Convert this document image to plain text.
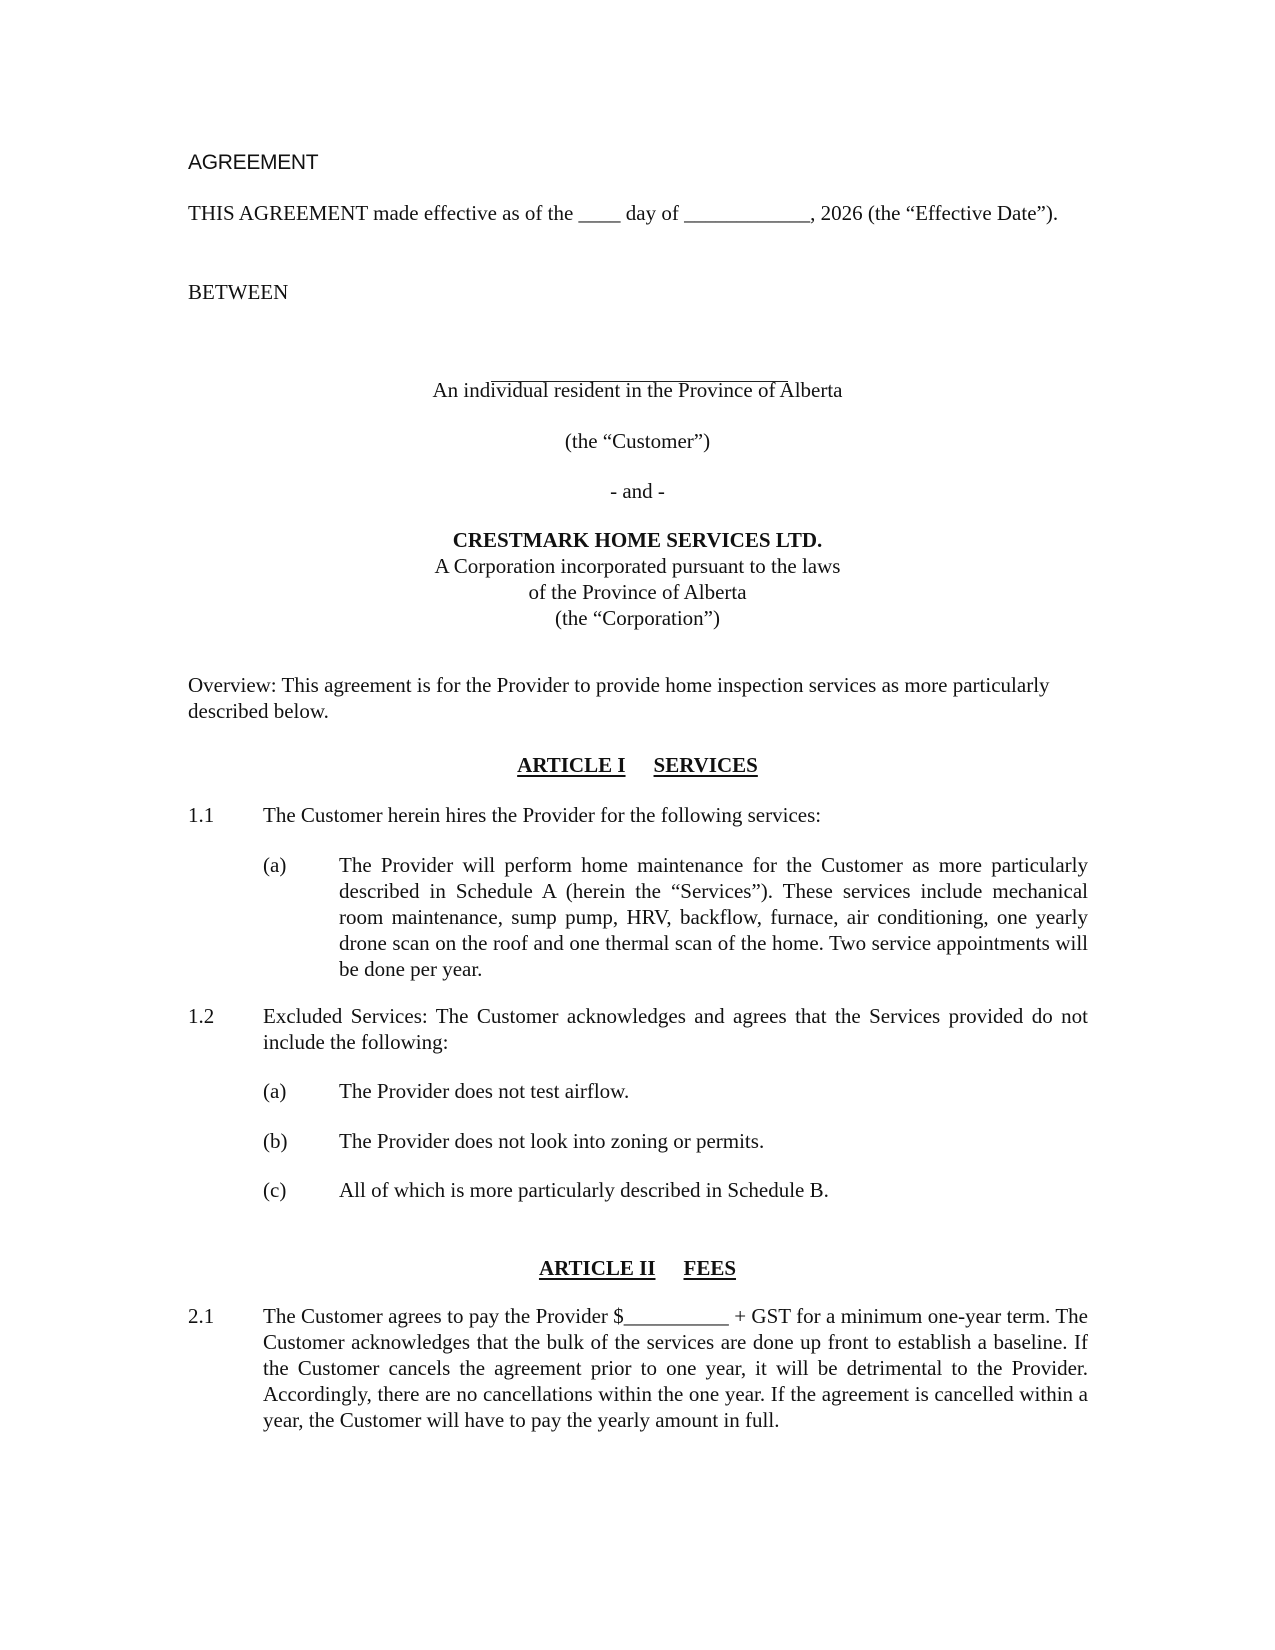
AGREEMENT
THIS AGREEMENT made effective as of the ____ day of ____________, 2026 (the “Effective Date”).
BETWEEN
An individual resident in the Province of Alberta
(the “Customer”)
- and -
CRESTMARK HOME SERVICES LTD.
A Corporation incorporated pursuant to the laws
of the Province of Alberta
(the “Corporation”)
Overview: This agreement is for the Provider to provide home inspection services as more particularly described below.
ARTICLE I SERVICES
1.1 The Customer herein hires the Provider for the following services:
(a)	The Provider will perform home maintenance for the Customer as more particularly described in Schedule A (herein the “Services”). These services include mechanical room maintenance, sump pump, HRV, backflow, furnace, air conditioning, one yearly drone scan on the roof and one thermal scan of the home. Two service appointments will be done per year.
1.2 Excluded Services: The Customer acknowledges and agrees that the Services provided do not include the following:
(a)	The Provider does not test airflow.
(b) The Provider does not look into zoning or permits.
(c)	All of which is more particularly described in Schedule B.
ARTICLE II FEES
2.1 The Customer agrees to pay the Provider $__________ + GST for a minimum one-year term. The Customer acknowledges that the bulk of the services are done up front to establish a baseline. If the Customer cancels the agreement prior to one year, it will be detrimental to the Provider. Accordingly, there are no cancellations within the one year. If the agreement is cancelled within a year, the Customer will have to pay the yearly amount in full.
